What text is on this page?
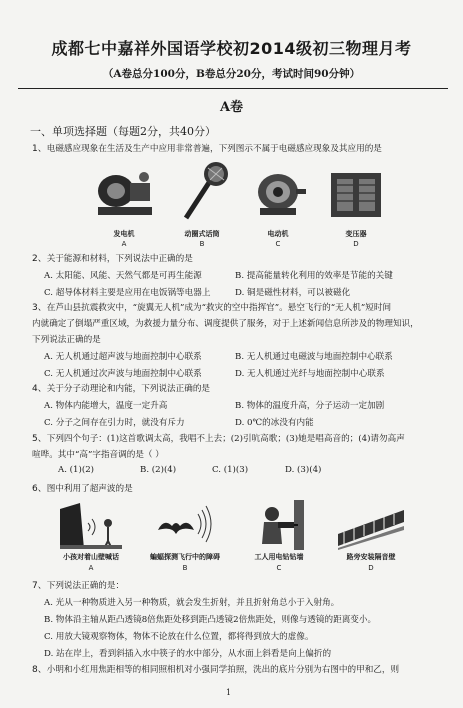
成都七中嘉祥外国语学校初2014级初三物理月考
（A卷总分100分，B卷总分20分，考试时间90分钟）
A卷
一、单项选择题（每题2分，共40分）
1、电磁感应现象在生活及生产中应用非常普遍，下列图示不属于电磁感应现象及其应用的是
发电机
A
动圈式话筒
B
电动机
C
变压器
D
2、关于能源和材料，下列说法中正确的是
A. 太阳能、风能、天然气都是可再生能源	B. 提高能量转化利用的效率是节能的关键
C. 超导体材料主要是应用在电饭锅等电器上	D. 铜是磁性材料，可以被磁化
3、在芦山县抗震救灾中，“旋翼无人机”成为“救灾的空中指挥官”。悬空飞行的“无人机”短时间
内就确定了倒塌严重区域，为救援力量分布、调度提供了服务，对于上述新闻信息所涉及的物理知识，
下列说法正确的是
A. 无人机通过超声波与地面控制中心联系	B. 无人机通过电磁波与地面控制中心联系
C. 无人机通过次声波与地面控制中心联系	D. 无人机通过光纤与地面控制中心联系
4、关于分子动理论和内能，下列说法正确的是
A. 物体内能增大，温度一定升高	B. 物体的温度升高，分子运动一定加剧
C. 分子之间存在引力时，就没有斥力	D. 0℃的冰没有内能
5、下列四个句子：(1)这首歌调太高，我唱不上去；(2)引吭高歌；(3)她是唱高音的；(4)请勿高声
喧哗。其中“高”字指音调的是（ ）
A. (1)(2)	B. (2)(4)	C. (1)(3)	D. (3)(4)
6、图中利用了超声波的是
小孩对着山壁喊话
A
蝙蝠探测飞行中的障碍
B
工人用电钻钻墙
C
路旁安装隔音壁
D
7、下列说法正确的是：
A. 光从一种物质进入另一种物质，就会发生折射，并且折射角总小于入射角。
B. 物体沿主轴从距凸透镜8倍焦距处移到距凸透镜2倍焦距处，则像与透镜的距离变小。
C. 用放大镜观察物体，物体不论放在什么位置，都将得到放大的虚像。
D. 站在岸上，看到斜插入水中筷子的水中部分，从水面上斜看是向上偏折的
8、小明和小红用焦距相等的相同照相机对小强同学拍照，洗出的底片分别为右图中的甲和乙，则
1
